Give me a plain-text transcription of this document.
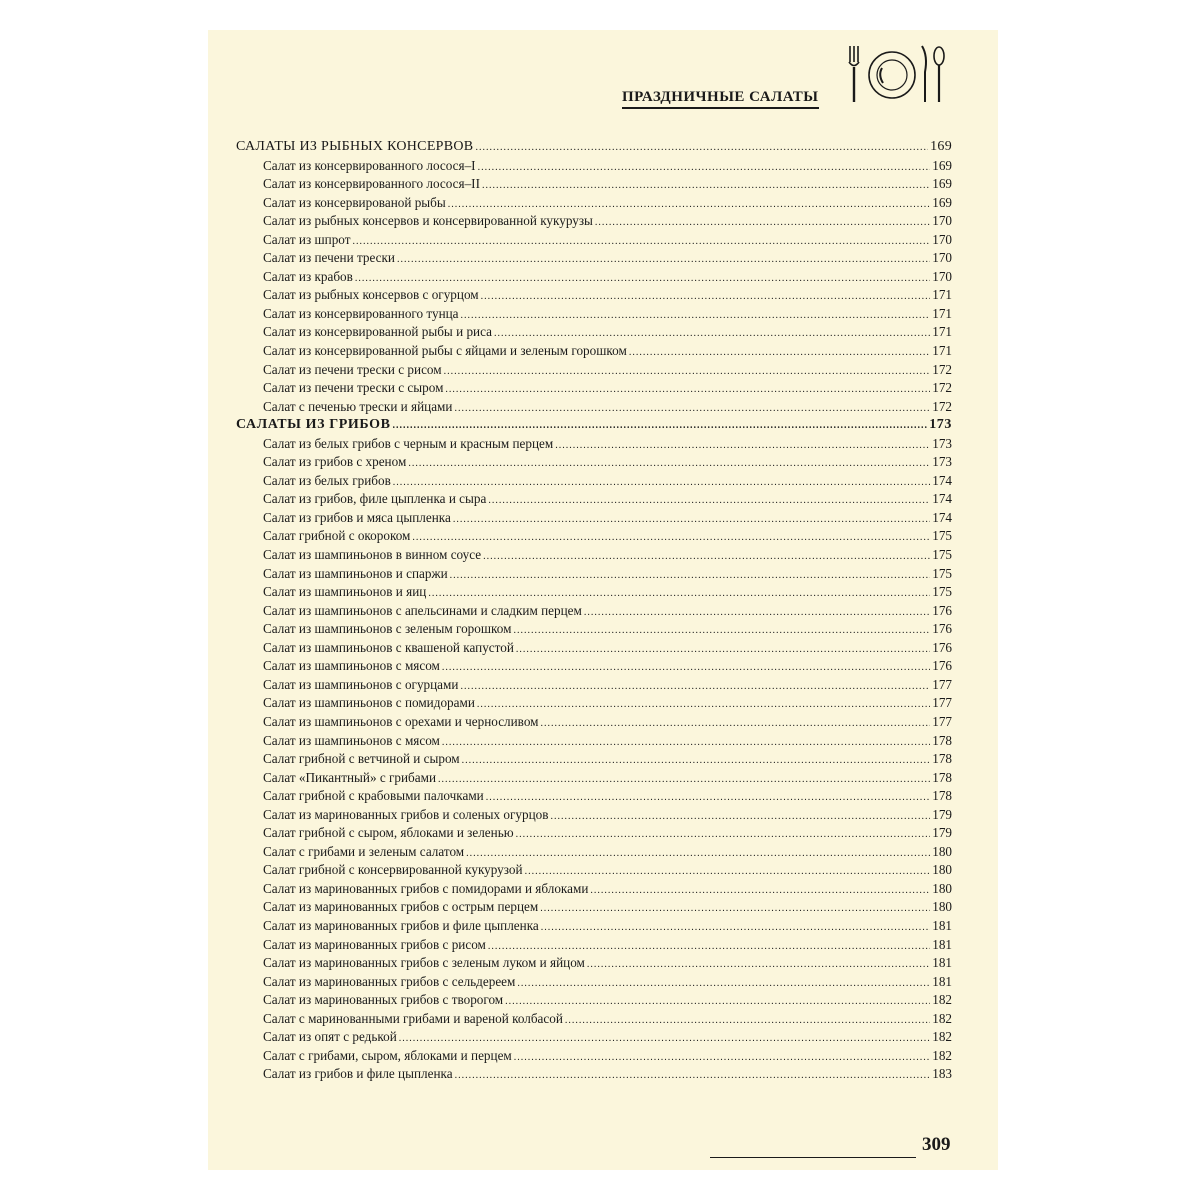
ПРАЗДНИЧНЫЕ САЛАТЫ
САЛАТЫ ИЗ РЫБНЫХ КОНСЕРВОВ .....	169
Салат из консервированного лосося–I .....	169
Салат из консервированного лосося–II .....	169
Салат из консервированой рыбы .....	169
Салат из рыбных консервов и консервированной кукурузы .....	170
Салат из шпрот .....	170
Салат из печени трески .....	170
Салат из крабов .....	170
Салат из рыбных консервов с огурцом .....	171
Салат из консервированного тунца .....	171
Салат из консервированной рыбы и риса .....	171
Салат из консервированной рыбы с яйцами и зеленым горошком .....	171
Салат из печени трески с рисом .....	172
Салат из печени трески с сыром .....	172
Салат с печенью трески и яйцами .....	172
САЛАТЫ ИЗ ГРИБОВ .....	173
Салат из белых грибов с черным и красным перцем .....	173
Салат из грибов с хреном .....	173
Салат из белых грибов .....	174
Салат из грибов, филе цыпленка и сыра .....	174
Салат из грибов и мяса цыпленка .....	174
Салат грибной с окороком .....	175
Салат из шампиньонов в винном соусе .....	175
Салат из шампиньонов и спаржи .....	175
Салат из шампиньонов и яиц .....	175
Салат из шампиньонов с апельсинами и сладким перцем .....	176
Салат из шампиньонов с зеленым горошком .....	176
Салат из шампиньонов с квашеной капустой .....	176
Салат из шампиньонов с мясом .....	176
Салат из шампиньонов с огурцами .....	177
Салат из шампиньонов с помидорами .....	177
Салат из шампиньонов с орехами и черносливом .....	177
Салат из шампиньонов с мясом .....	178
Салат грибной с ветчиной и сыром .....	178
Салат «Пикантный» с грибами .....	178
Салат грибной с крабовыми палочками .....	178
Салат из маринованных грибов и соленых огурцов .....	179
Салат грибной с сыром, яблоками и зеленью .....	179
Салат с грибами и зеленым салатом .....	180
Салат грибной с консервированной кукурузой .....	180
Салат из маринованных грибов с помидорами и яблоками .....	180
Салат из маринованных грибов с острым перцем .....	180
Салат из маринованных грибов и филе цыпленка .....	181
Салат из маринованных грибов с рисом .....	181
Салат из маринованных грибов с зеленым луком и яйцом .....	181
Салат из маринованных грибов с сельдереем .....	181
Салат из маринованных грибов с творогом .....	182
Салат с маринованными грибами и вареной колбасой .....	182
Салат из опят с редькой .....	182
Салат с грибами, сыром, яблоками и перцем .....	182
Салат из грибов и филе цыпленка .....	183
309
